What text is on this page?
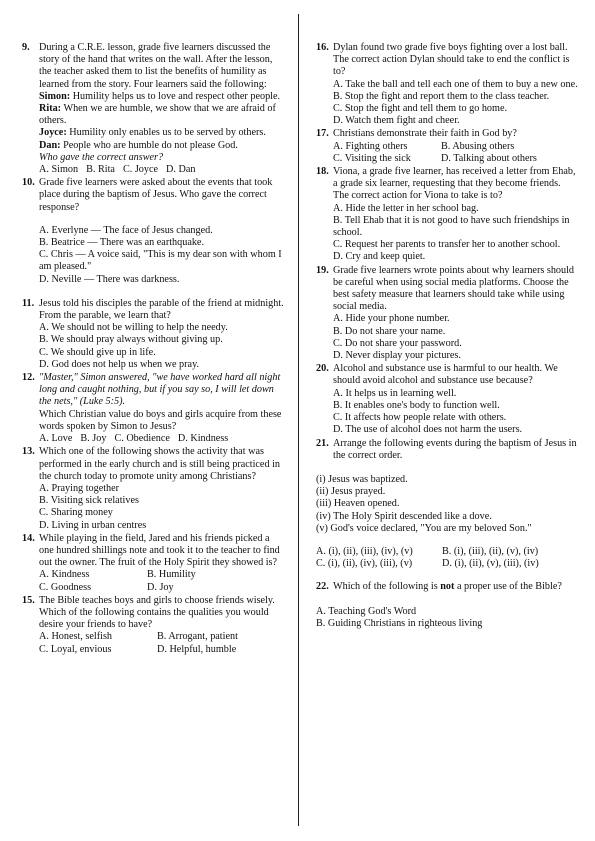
9. During a C.R.E. lesson, grade five learners discussed the story of the hand that writes on the wall. After the lesson, the teacher asked them to list the benefits of humility as learned from the story. Four learners said the following:
Simon: Humility helps us to love and respect other people.
Rita: When we are humble, we show that we are afraid of others.
Joyce: Humility only enables us to be served by others.
Dan: People who are humble do not please God.
Who gave the correct answer?
A. Simon B. Rita C. Joyce D. Dan
10. Grade five learners were asked about the events that took place during the baptism of Jesus. Who gave the correct response?
A. Everlyne — The face of Jesus changed.
B. Beatrice — There was an earthquake.
C. Chris — A voice said, "This is my dear son with whom I am pleased."
D. Neville — There was darkness.
11. Jesus told his disciples the parable of the friend at midnight. From the parable, we learn that?
A. We should not be willing to help the needy.
B. We should pray always without giving up.
C. We should give up in life.
D. God does not help us when we pray.
12. "Master," Simon answered, "we have worked hard all night long and caught nothing, but if you say so, I will let down the nets," (Luke 5:5).
Which Christian value do boys and girls acquire from these words spoken by Simon to Jesus?
A. Love B. Joy C. Obedience D. Kindness
13. Which one of the following shows the activity that was performed in the early church and is still being practiced in the church today to promote unity among Christians?
A. Praying together
B. Visiting sick relatives
C. Sharing money
D. Living in urban centres
14. While playing in the field, Jared and his friends picked a one hundred shillings note and took it to the teacher to find out the owner. The fruit of the Holy Spirit they showed is?
A. Kindness	B. Humility
C. Goodness	D. Joy
15. The Bible teaches boys and girls to choose friends wisely. Which of the following contains the qualities you would desire your friends to have?
A. Honest, selfish	B. Arrogant, patient
C. Loyal, envious	D. Helpful, humble
16. Dylan found two grade five boys fighting over a lost ball. The correct action Dylan should take to end the conflict is to?
A. Take the ball and tell each one of them to buy a new one.
B. Stop the fight and report them to the class teacher.
C. Stop the fight and tell them to go home.
D. Watch them fight and cheer.
17. Christians demonstrate their faith in God by?
A. Fighting others	B. Abusing others
C. Visiting the sick	D. Talking about others
18. Viona, a grade five learner, has received a letter from Ehab, a grade six learner, requesting that they become friends. The correct action for Viona to take is to?
A. Hide the letter in her school bag.
B. Tell Ehab that it is not good to have such friendships in school.
C. Request her parents to transfer her to another school.
D. Cry and keep quiet.
19. Grade five learners wrote points about why learners should be careful when using social media platforms. Choose the best safety measure that learners should take while using social media.
A. Hide your phone number.
B. Do not share your name.
C. Do not share your password.
D. Never display your pictures.
20. Alcohol and substance use is harmful to our health. We should avoid alcohol and substance use because?
A. It helps us in learning well.
B. It enables one's body to function well.
C. It affects how people relate with others.
D. The use of alcohol does not harm the users.
21. Arrange the following events during the baptism of Jesus in the correct order.
(i) Jesus was baptized.
(ii) Jesus prayed.
(iii) Heaven opened.
(iv) The Holy Spirit descended like a dove.
(v) God's voice declared, "You are my beloved Son."
A. (i), (ii), (iii), (iv), (v)	B. (i), (iii), (ii), (v), (iv)
C. (i), (ii), (iv), (iii), (v)	D. (i), (ii), (v), (iii), (iv)
22. Which of the following is not a proper use of the Bible?
A. Teaching God's Word
B. Guiding Christians in righteous living
